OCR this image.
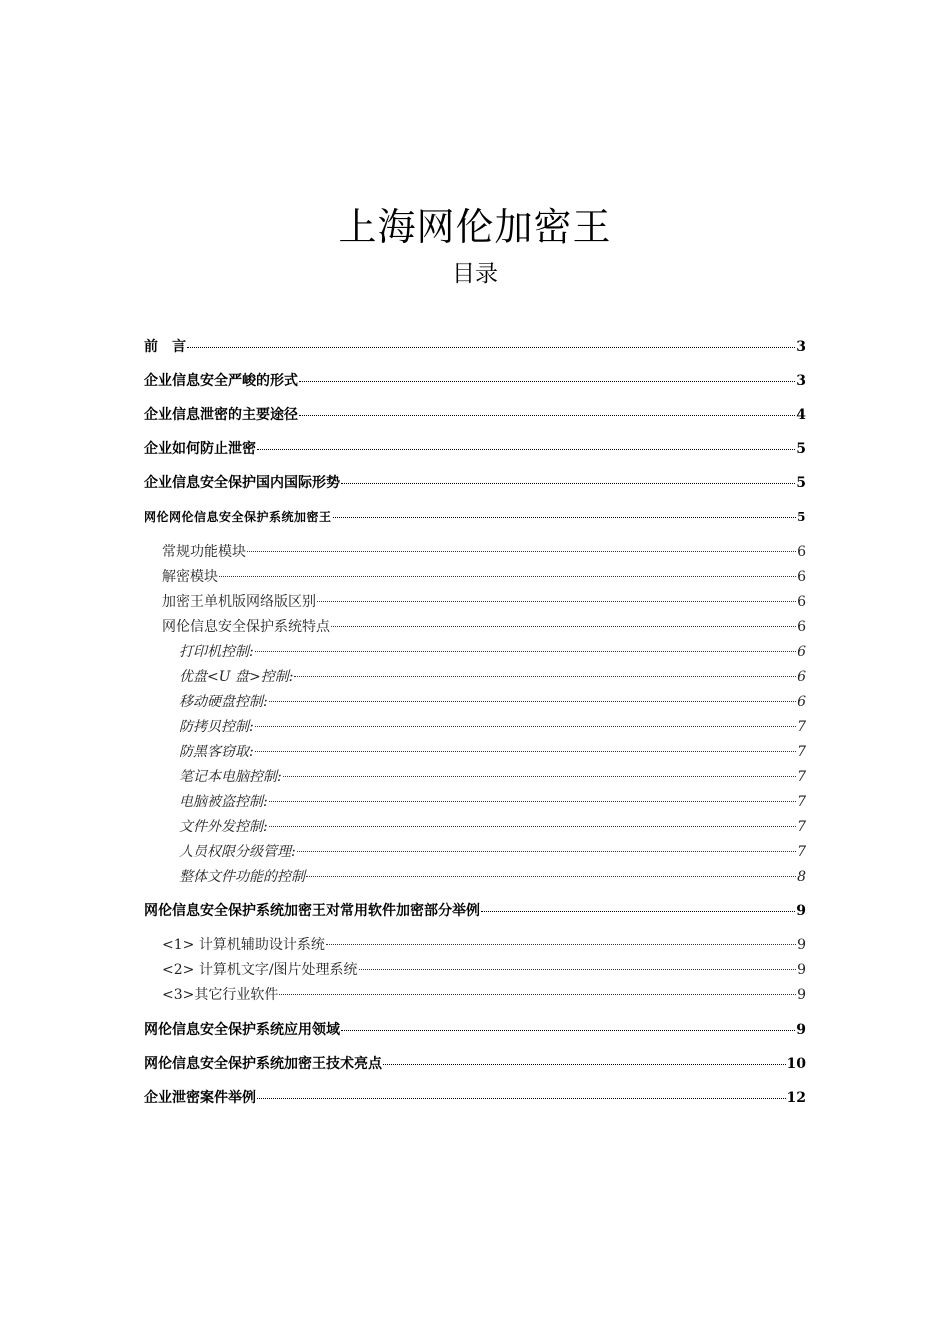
上海网伦加密王
目录
前　言	3
企业信息安全严峻的形式	3
企业信息泄密的主要途径	4
企业如何防止泄密	5
企业信息安全保护国内国际形势	5
网伦网伦信息安全保护系统加密王	5
常规功能模块	6
解密模块	6
加密王单机版网络版区别	6
网伦信息安全保护系统特点	6
打印机控制:	6
优盘<U 盘>控制:	6
移动硬盘控制:	6
防拷贝控制:	7
防黑客窃取:	7
笔记本电脑控制:	7
电脑被盗控制:	7
文件外发控制:	7
人员权限分级管理:	7
整体文件功能的控制	8
网伦信息安全保护系统加密王对常用软件加密部分举例	9
<1> 计算机辅助设计系统	9
<2> 计算机文字/图片处理系统	9
<3>其它行业软件	9
网伦信息安全保护系统应用领域	9
网伦信息安全保护系统加密王技术亮点	10
企业泄密案件举例	12
